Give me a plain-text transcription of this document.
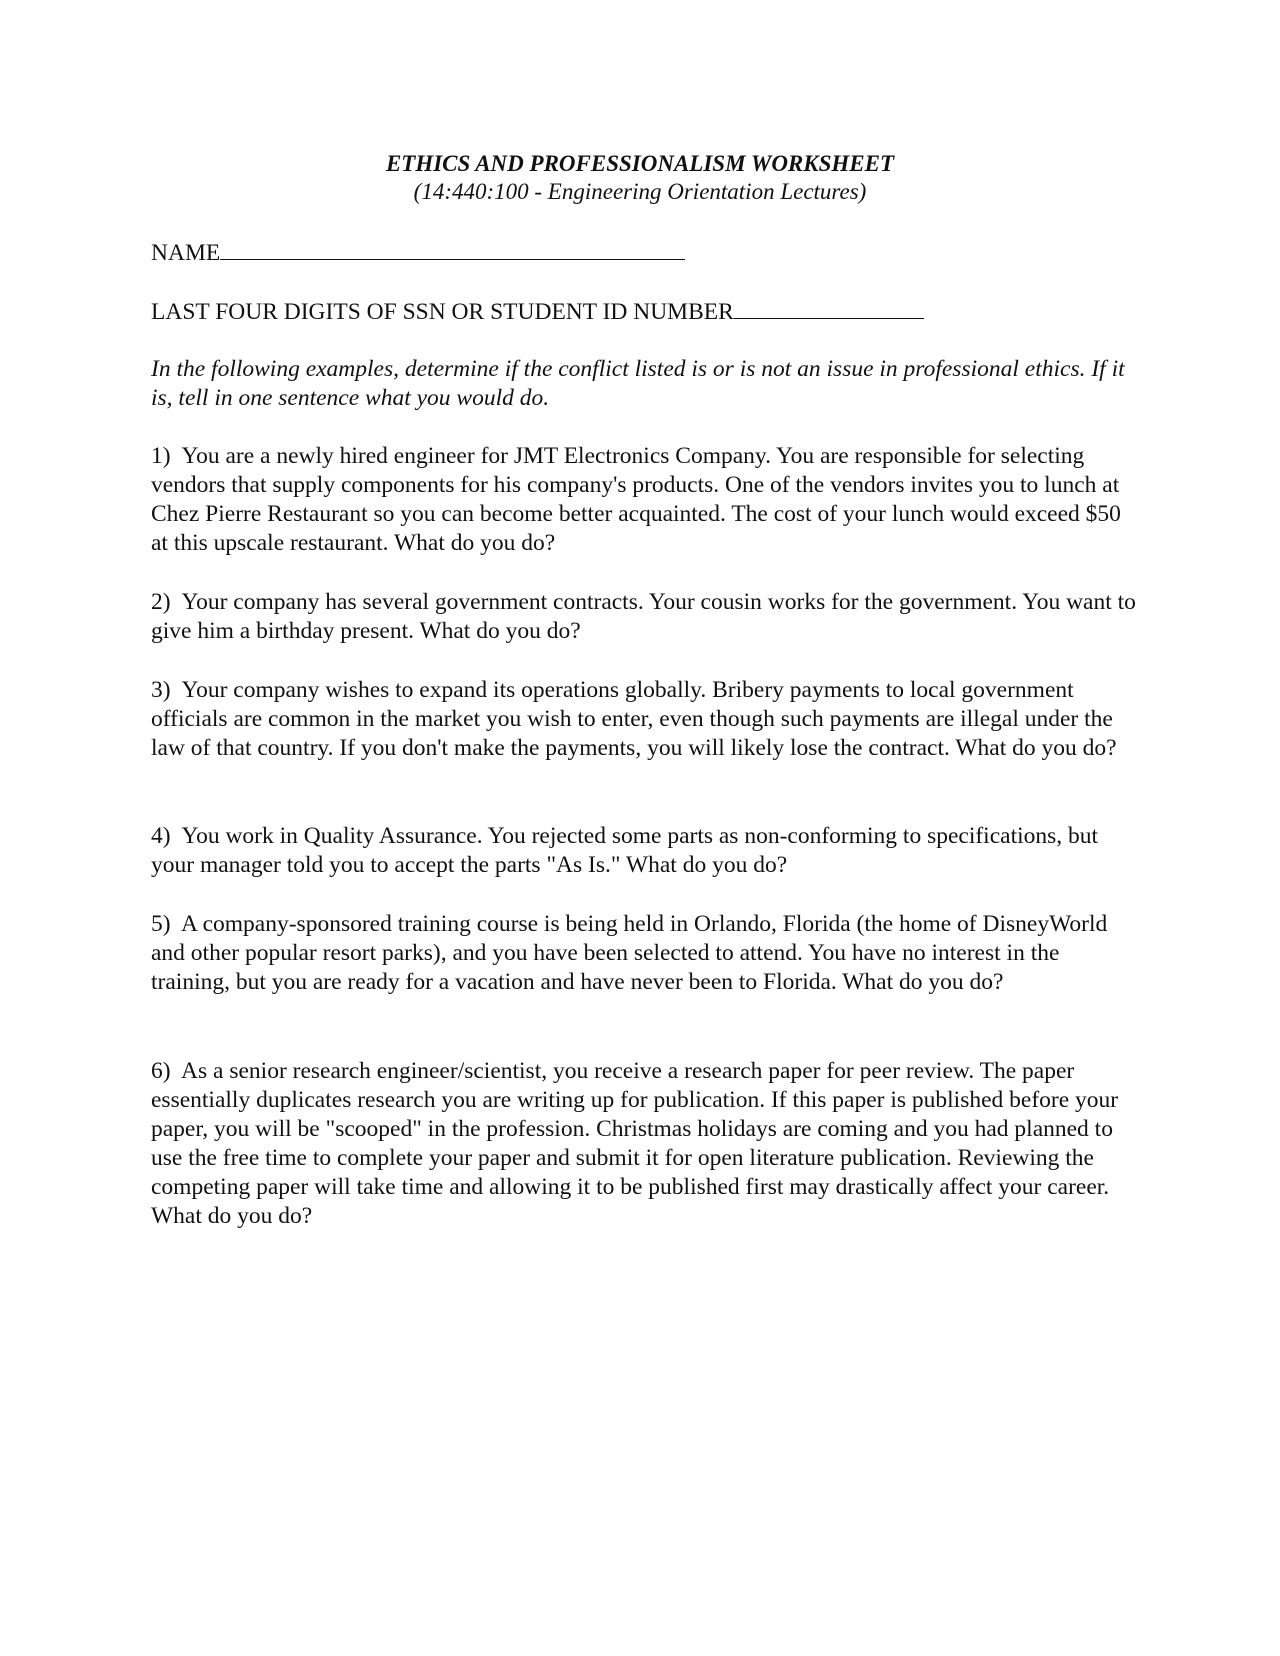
ETHICS AND PROFESSIONALISM WORKSHEET

(14:440:100 - Engineering Orientation Lectures)

NAME
LAST FOUR DIGITS OF SSN OR STUDENT ID NUMBER

In the following examples, determine if the conflict listed is or is not an issue in professional ethics. If it is, tell in one sentence what you would do.

1) You are a newly hired engineer for JMT Electronics Company. You are responsible for selecting vendors that supply components for his company's products. One of the vendors invites you to lunch at Chez Pierre Restaurant so you can become better acquainted. The cost of your lunch would exceed $50 at this upscale restaurant. What do you do?

2) Your company has several government contracts. Your cousin works for the government. You want to give him a birthday present. What do you do?

3) Your company wishes to expand its operations globally. Bribery payments to local government officials are common in the market you wish to enter, even though such payments are illegal under the law of that country. If you don't make the payments, you will likely lose the contract. What do you do?

4) You work in Quality Assurance. You rejected some parts as non-conforming to specifications, but your manager told you to accept the parts "As Is." What do you do?

5) A company-sponsored training course is being held in Orlando, Florida (the home of DisneyWorld and other popular resort parks), and you have been selected to attend. You have no interest in the training, but you are ready for a vacation and have never been to Florida. What do you do?

6) As a senior research engineer/scientist, you receive a research paper for peer review. The paper essentially duplicates research you are writing up for publication. If this paper is published before your paper, you will be "scooped" in the profession. Christmas holidays are coming and you had planned to use the free time to complete your paper and submit it for open literature publication. Reviewing the competing paper will take time and allowing it to be published first may drastically affect your career. What do you do?
